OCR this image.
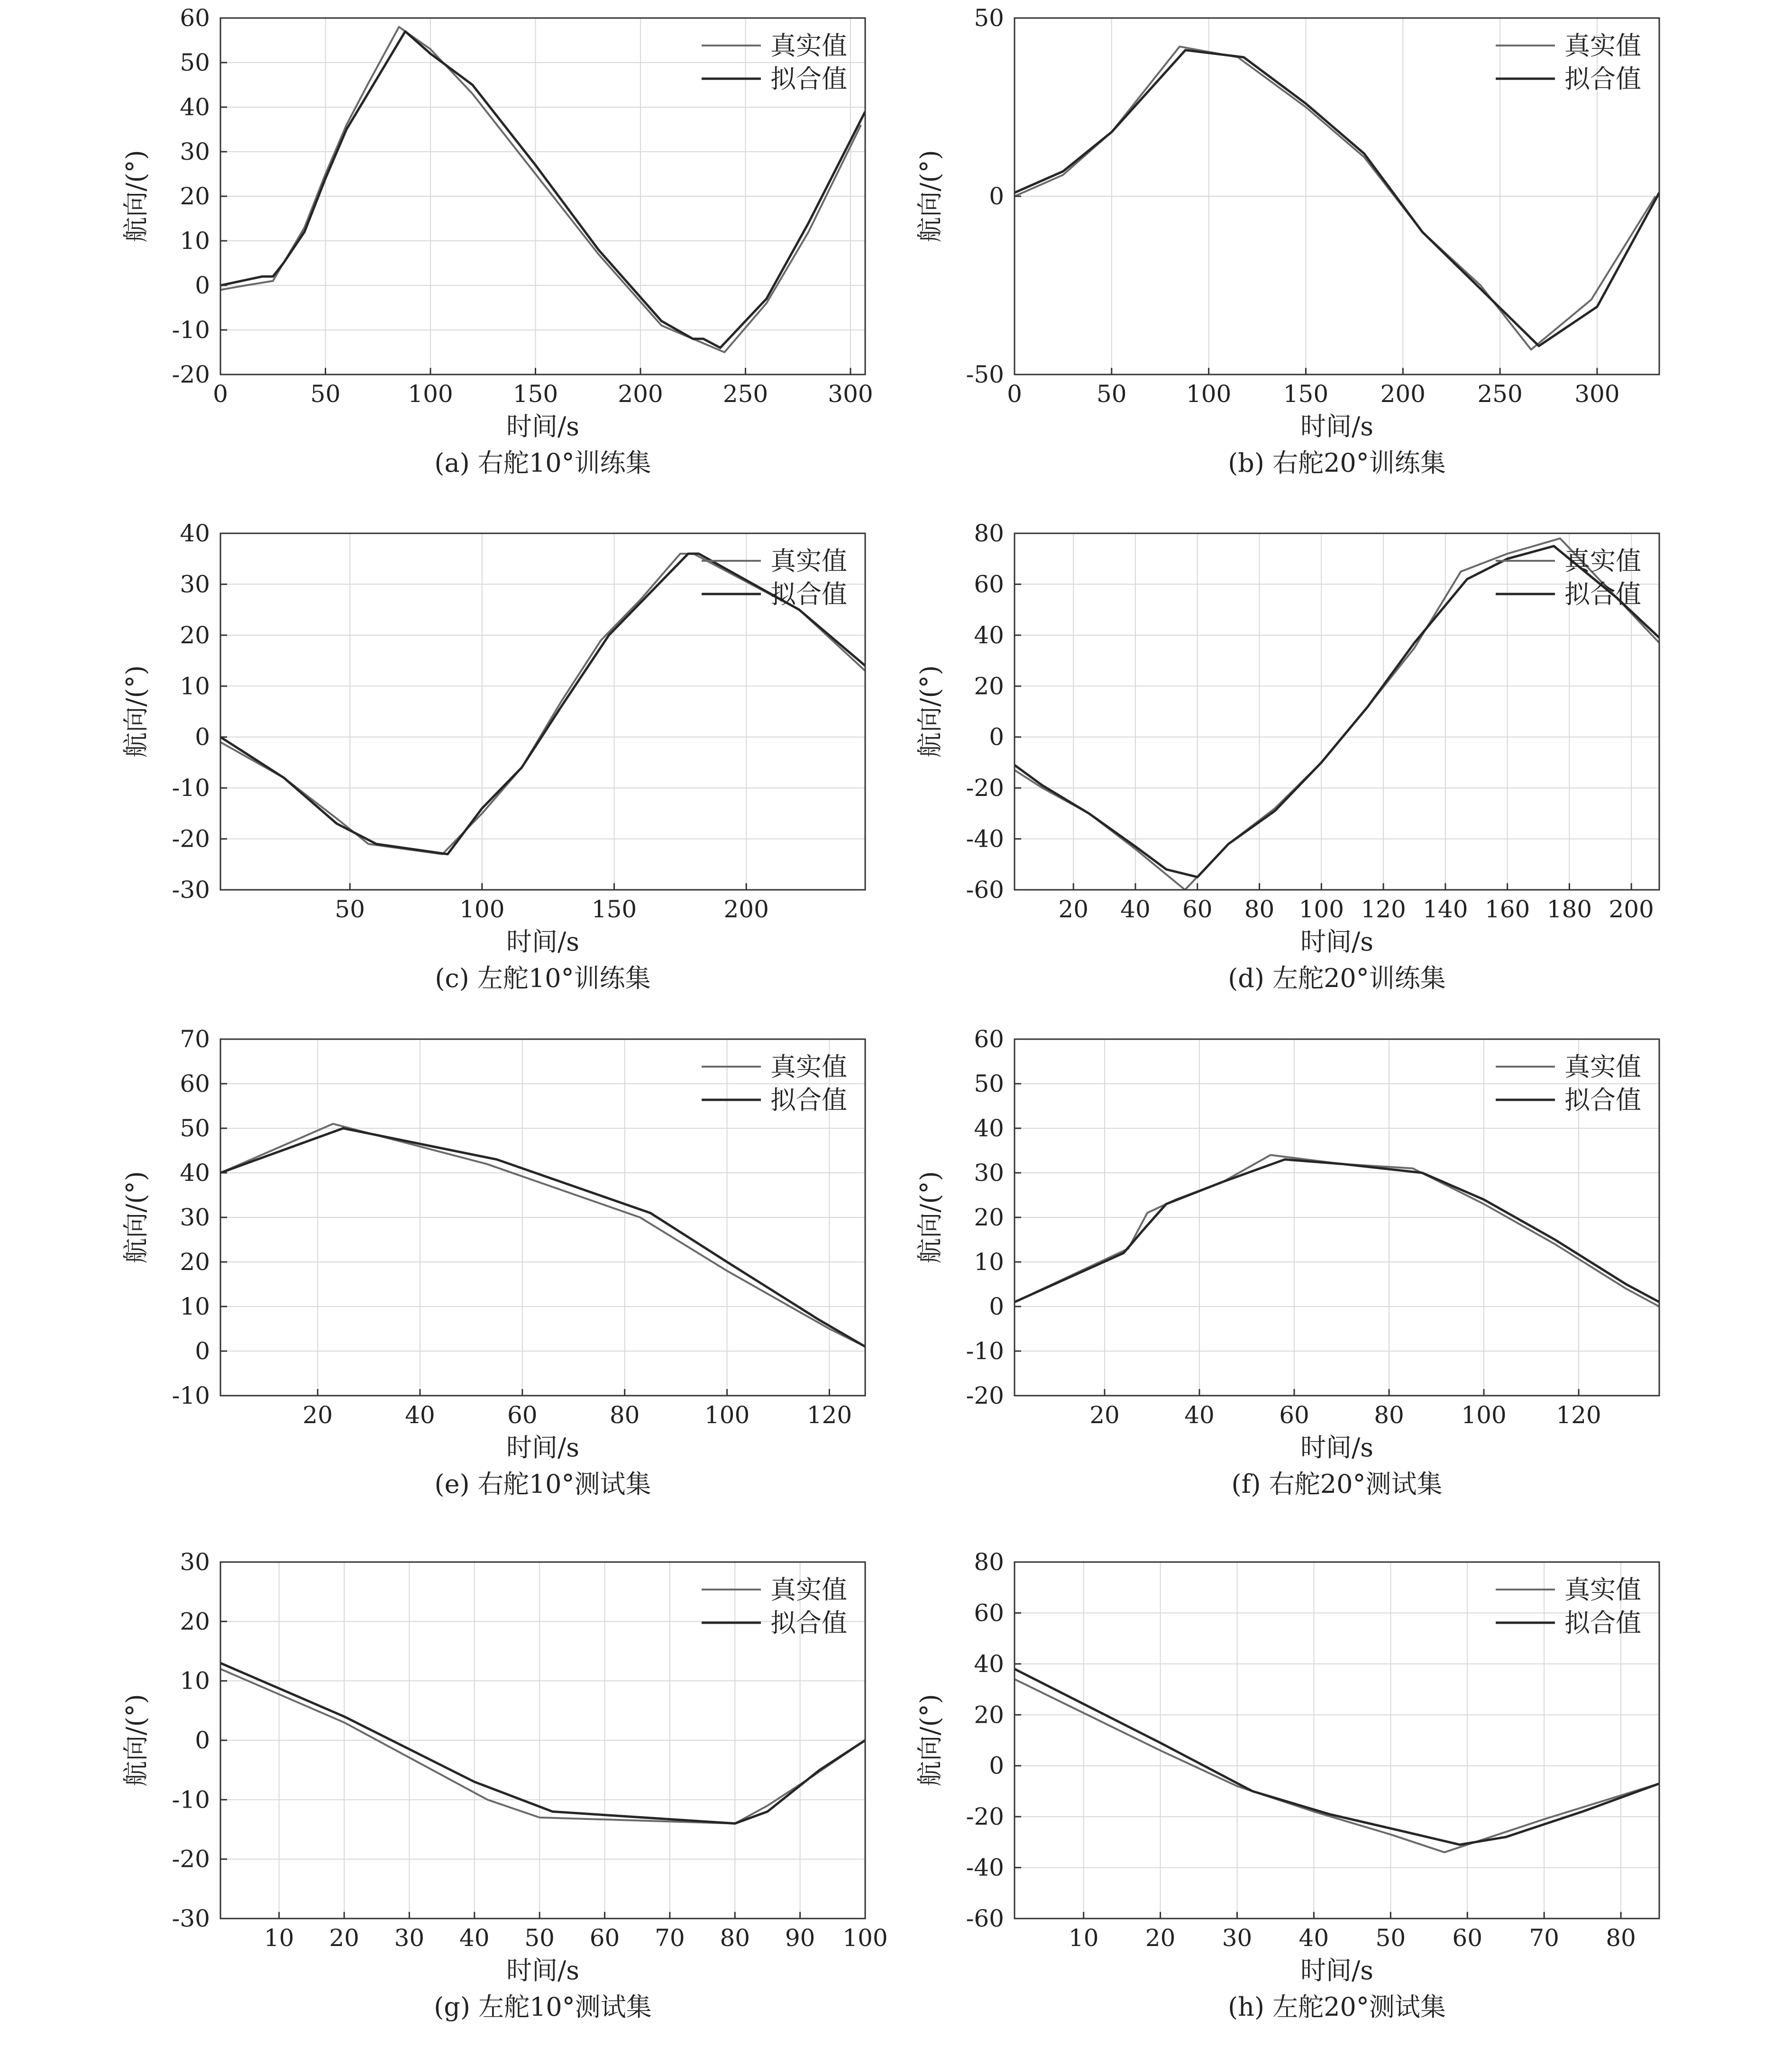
0	50	100	150	200	250	300
-20
-10
0
10
20
30
40
50
60
时间/s
航向/(°)
(a) 右舵10°训练集
真实值
拟合值
0	50	100 150 200 250 300
-50
0
50
时间/s
航向/(°)
(b) 右舵20°训练集
真实值
拟合值
50	100	150	200
-30
-20
-10
0
10
20
30
40
时间/s
航向/(°)
(c) 左舵10°训练集
真实值
拟合值
20 40 60 80 100 120 140 160 180 200
-60
-40
-20
0
20
40
60
80
时间/s
航向/(°)
(d) 左舵20°训练集
真实值
拟合值
20	40	60	80	100 120
-10
0
10
20
30
40
50
60
70
时间/s
航向/(°)
(e) 右舵10°测试集
真实值
拟合值
20	40	60	80 100 120
-20
-10
0
10
20
30
40
50
60
时间/s
航向/(°)
(f) 右舵20°测试集
真实值
拟合值
10 20 30 40 50 60 70 80 90 100
-30
-20
-10
0
10
20
30
时间/s
航向/(°)
(g) 左舵10°测试集
真实值
拟合值
10 20 30 40 50 60 70 80
-60
-40
-20
0
20
40
60
80
时间/s
航向/(°)
(h) 左舵20°测试集
真实值
拟合值
